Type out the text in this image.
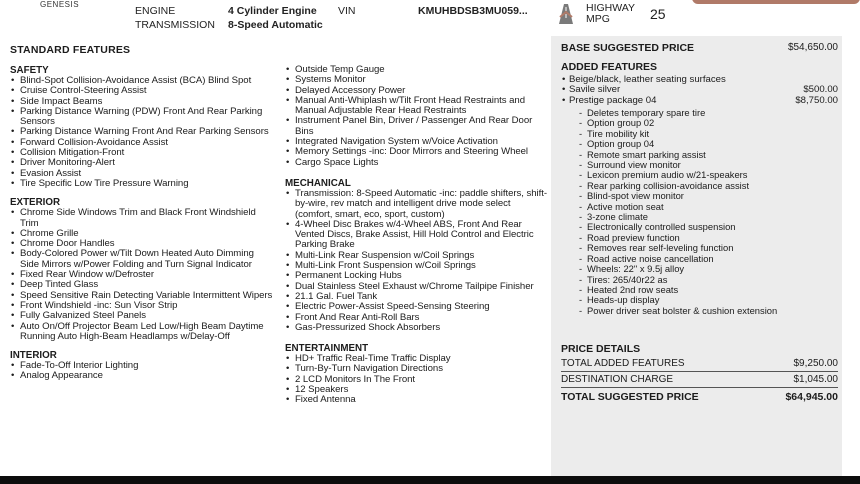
GENESIS
ENGINE	4 Cylinder Engine VIN	KMUHBDSB3MU059...
TRANSMISSION 8-Speed Automatic
HIGHWAY
MPG	25
STANDARD FEATURES
SAFETY
• Blind-Spot Collision-Avoidance Assist (BCA) Blind Spot
• Cruise Control-Steering Assist
• Side Impact Beams
• Parking Distance Warning (PDW) Front And Rear Parking Sensors
• Parking Distance Warning Front And Rear Parking Sensors
• Forward Collision-Avoidance Assist
• Collision Mitigation-Front
• Driver Monitoring-Alert
• Evasion Assist
• Tire Specific Low Tire Pressure Warning
EXTERIOR
• Chrome Side Windows Trim and Black Front Windshield Trim
• Chrome Grille
• Chrome Door Handles
• Body-Colored Power w/Tilt Down Heated Auto Dimming Side Mirrors w/Power Folding and Turn Signal Indicator
• Fixed Rear Window w/Defroster
• Deep Tinted Glass
• Speed Sensitive Rain Detecting Variable Intermittent Wipers
• Front Windshield -inc: Sun Visor Strip
• Fully Galvanized Steel Panels
• Auto On/Off Projector Beam Led Low/High Beam Daytime Running Auto High-Beam Headlamps w/Delay-Off
INTERIOR
• Fade-To-Off Interior Lighting
• Analog Appearance
• Outside Temp Gauge
• Systems Monitor
• Delayed Accessory Power
• Manual Anti-Whiplash w/Tilt Front Head Restraints and Manual Adjustable Rear Head Restraints
• Instrument Panel Bin, Driver / Passenger And Rear Door Bins
• Integrated Navigation System w/Voice Activation
• Memory Settings -inc: Door Mirrors and Steering Wheel
• Cargo Space Lights
MECHANICAL
• Transmission: 8-Speed Automatic -inc: paddle shifters, shift-by-wire, rev match and intelligent drive mode select (comfort, smart, eco, sport, custom)
• 4-Wheel Disc Brakes w/4-Wheel ABS, Front And Rear Vented Discs, Brake Assist, Hill Hold Control and Electric Parking Brake
• Multi-Link Rear Suspension w/Coil Springs
• Multi-Link Front Suspension w/Coil Springs
• Permanent Locking Hubs
• Dual Stainless Steel Exhaust w/Chrome Tailpipe Finisher
• 21.1 Gal. Fuel Tank
• Electric Power-Assist Speed-Sensing Steering
• Front And Rear Anti-Roll Bars
• Gas-Pressurized Shock Absorbers
ENTERTAINMENT
• HD+ Traffic Real-Time Traffic Display
• Turn-By-Turn Navigation Directions
• 2 LCD Monitors In The Front
• 12 Speakers
• Fixed Antenna
BASE SUGGESTED PRICE	$54,650.00
ADDED FEATURES
• Beige/black, leather seating surfaces
• Savile silver	$500.00
• Prestige package 04	$8,750.00
- Deletes temporary spare tire
- Option group 02
- Tire mobility kit
- Option group 04
- Remote smart parking assist
- Surround view monitor
- Lexicon premium audio w/21-speakers
- Rear parking collision-avoidance assist
- Blind-spot view monitor
- Active motion seat
- 3-zone climate
- Electronically controlled suspension
- Road preview function
- Removes rear self-leveling function
- Road active noise cancellation
- Wheels: 22" x 9.5j alloy
- Tires: 265/40r22 as
- Heated 2nd row seats
- Heads-up display
- Power driver seat bolster & cushion extension
PRICE DETAILS
TOTAL ADDED FEATURES	$9,250.00
DESTINATION CHARGE	$1,045.00
TOTAL SUGGESTED PRICE	$64,945.00
